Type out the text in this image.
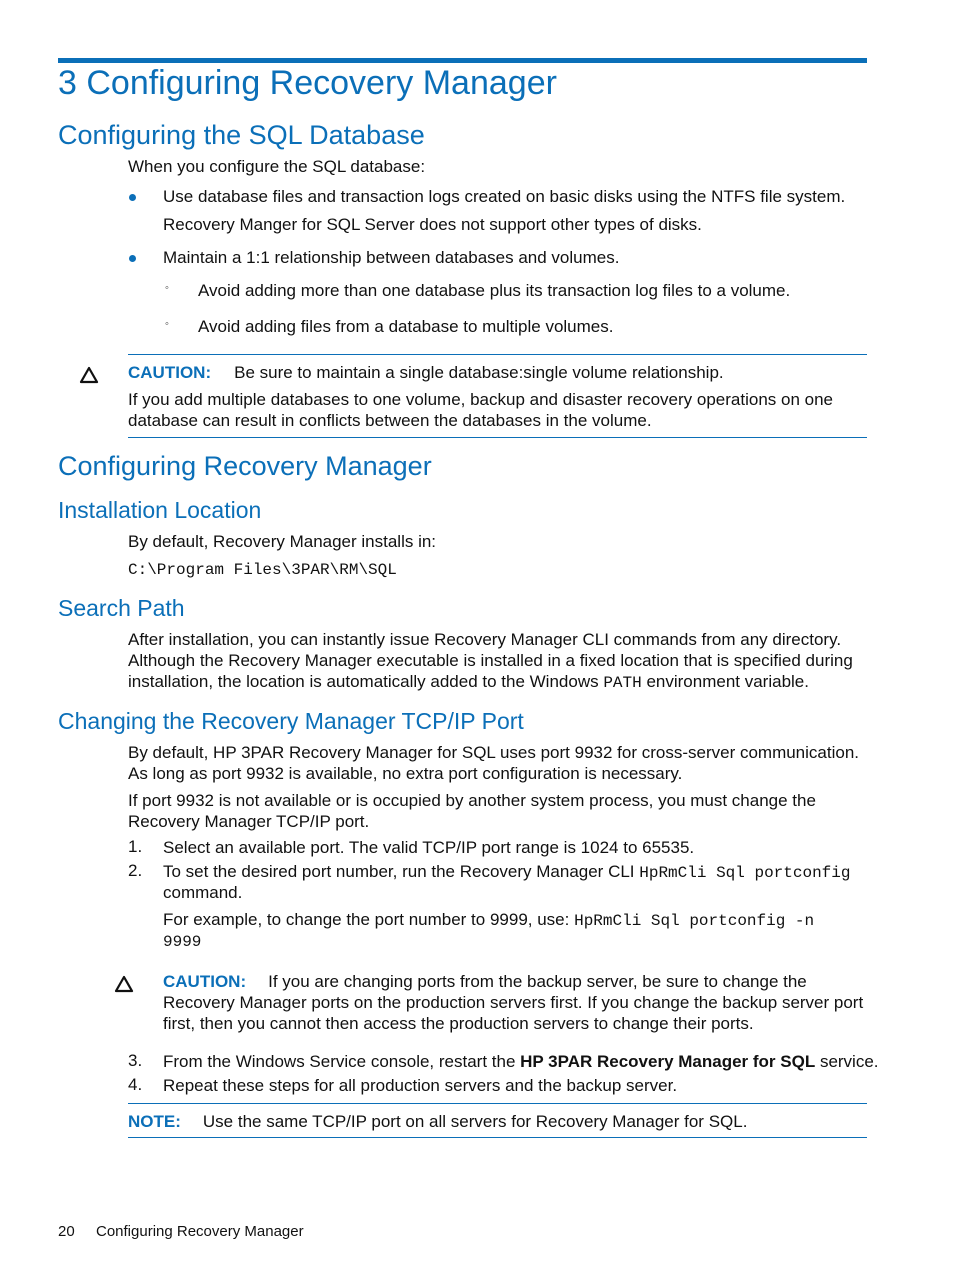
3 Configuring Recovery Manager
Configuring the SQL Database

When you configure the SQL database:

Use database files and transaction logs created on basic disks using the NTFS file system.

Recovery Manger for SQL Server does not support other types of disks.

Maintain a 1:1 relationship between databases and volumes.

◦ Avoid adding more than one database plus its transaction log files to a volume.

◦ Avoid adding files from a database to multiple volumes.

CAUTION: Be sure to maintain a single database:single volume relationship.

If you add multiple databases to one volume, backup and disaster recovery operations on one database can result in conflicts between the databases in the volume.

Configuring Recovery Manager
Installation Location

By default, Recovery Manager installs in:

C:\Program Files\3PAR\RM\SQL

Search Path

After installation, you can instantly issue Recovery Manager CLI commands from any directory. Although the Recovery Manager executable is installed in a fixed location that is specified during installation, the location is automatically added to the Windows PATH environment variable.

Changing the Recovery Manager TCP/IP Port

By default, HP 3PAR Recovery Manager for SQL uses port 9932 for cross-server communication. As long as port 9932 is available, no extra port configuration is necessary.

If port 9932 is not available or is occupied by another system process, you must change the Recovery Manager TCP/IP port.

1. Select an available port. The valid TCP/IP port range is 1024 to 65535.

2. To set the desired port number, run the Recovery Manager CLI HpRmCli Sql portconfig

command.

For example, to change the port number to 9999, use: HpRmCli Sql portconfig -n

9999

CAUTION: If you are changing ports from the backup server, be sure to change the Recovery Manager ports on the production servers first. If you change the backup server port first, then you cannot then access the production servers to change their ports.

3. From the Windows Service console, restart the HP 3PAR Recovery Manager for SQL service.

4. Repeat these steps for all production servers and the backup server.

NOTE: Use the same TCP/IP port on all servers for Recovery Manager for SQL.

20 Configuring Recovery Manager
